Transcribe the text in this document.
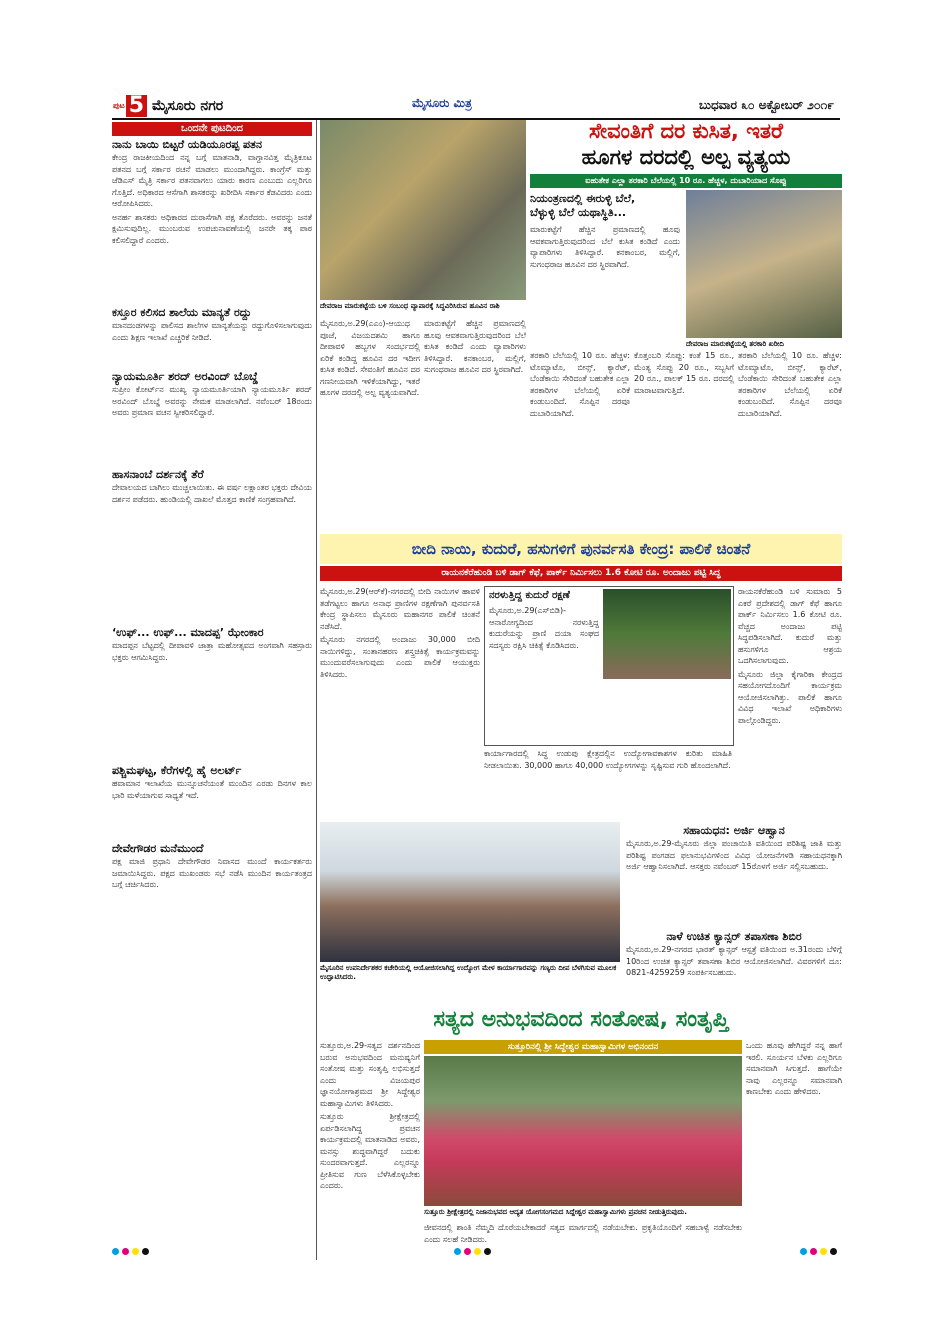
ಪುಟ 5 ಮೈಸೂರು ನಗರ	ಮೈಸೂರು ಮಿತ್ರ	ಬುಧವಾರ ೩೦ ಅಕ್ಟೋಬರ್ ೨೦೧೯
ಒಂದನೇ ಪುಟದಿಂದ
ನಾನು ಬಾಯಿ ಬಿಟ್ಟರೆ ಯಡಿಯೂರಪ್ಪ ಪತನ

ಕೇಂದ್ರ ರಾಜಕೀಯದಿಂದ ನನ್ನ ಬಗ್ಗೆ ಮಾತನಾಡಿ, ವಾಗ್ದಾನವಿತ್ತ ಮೈತ್ರಿಕೂಟ ಪತನದ ಬಗ್ಗೆ ಸರ್ಕಾರ ರಚನೆ ಮಾಡಲು ಮುಂದಾಗಿದ್ದರು. ಕಾಂಗ್ರೆಸ್ ಮತ್ತು ಜೆಡಿಎಸ್ ಮೈತ್ರಿ ಸರ್ಕಾರ ಪತನವಾಗಲು ಯಾರು ಕಾರಣ ಎಂಬುದು ಎಲ್ಲರಿಗೂ ಗೊತ್ತಿದೆ. ಅಧಿಕಾರದ ಆಸೆಗಾಗಿ ಶಾಸಕರನ್ನು ಖರೀದಿಸಿ ಸರ್ಕಾರ ಕೆಡವಿದರು ಎಂದು ಆರೋಪಿಸಿದರು.

ಅನರ್ಹ ಶಾಸಕರು ಅಧಿಕಾರದ ದುರಾಸೆಗಾಗಿ ಪಕ್ಷ ತೊರೆದರು. ಅವರನ್ನು ಜನತೆ ಕ್ಷಮಿಸುವುದಿಲ್ಲ. ಮುಂಬರುವ ಉಪಚುನಾವಣೆಯಲ್ಲಿ ಜನರೇ ತಕ್ಕ ಪಾಠ ಕಲಿಸಲಿದ್ದಾರೆ ಎಂದರು.

ಕಸ್ತೂರ ಕಲಿಸದ ಶಾಲೆಯ ಮಾನ್ಯತೆ ರದ್ದು

ಮಾನದಂಡಗಳನ್ನು ಪಾಲಿಸದ ಶಾಲೆಗಳ ಮಾನ್ಯತೆಯನ್ನು ರದ್ದುಗೊಳಿಸಲಾಗುವುದು ಎಂದು ಶಿಕ್ಷಣ ಇಲಾಖೆ ಎಚ್ಚರಿಕೆ ನೀಡಿದೆ.

ನ್ಯಾಯಮೂರ್ತಿ ಶರದ್ ಅರವಿಂದ್ ಬೊಬ್ಡೆ

ಸುಪ್ರೀಂ ಕೋರ್ಟ್‌ನ ಮುಖ್ಯ ನ್ಯಾಯಮೂರ್ತಿಯಾಗಿ ನ್ಯಾಯಮೂರ್ತಿ ಶರದ್ ಅರವಿಂದ್ ಬೊಬ್ಡೆ ಅವರನ್ನು ನೇಮಕ ಮಾಡಲಾಗಿದೆ. ನವೆಂಬರ್ 18ರಂದು ಅವರು ಪ್ರಮಾಣ ವಚನ ಸ್ವೀಕರಿಸಲಿದ್ದಾರೆ.

ಹಾಸನಾಂಬೆ ದರ್ಶನಕ್ಕೆ ತೆರೆ

ದೇವಾಲಯದ ಬಾಗಿಲು ಮುಚ್ಚಲಾಯಿತು. ಈ ವರ್ಷ ಲಕ್ಷಾಂತರ ಭಕ್ತರು ದೇವಿಯ ದರ್ಶನ ಪಡೆದರು. ಹುಂಡಿಯಲ್ಲಿ ದಾಖಲೆ ಮೊತ್ತದ ಕಾಣಿಕೆ ಸಂಗ್ರಹವಾಗಿದೆ.

‘ಉಫ್... ಉಫ್... ಮಾದಪ್ಪ’ ಝೇಂಕಾರ

ಮಾದಪ್ಪನ ಬೆಟ್ಟದಲ್ಲಿ ದೀಪಾವಳಿ ಜಾತ್ರಾ ಮಹೋತ್ಸವದ ಅಂಗವಾಗಿ ಸಹಸ್ರಾರು ಭಕ್ತರು ಆಗಮಿಸಿದ್ದರು.

ಪಶ್ಚಿಮಘಟ್ಟ, ಕೆರೆಗಳಲ್ಲಿ ಹೈ ಅಲರ್ಟ್

ಹವಾಮಾನ ಇಲಾಖೆಯ ಮುನ್ಸೂಚನೆಯಂತೆ ಮುಂದಿನ ಎರಡು ದಿನಗಳ ಕಾಲ ಭಾರಿ ಮಳೆಯಾಗುವ ಸಾಧ್ಯತೆ ಇದೆ.

ದೇವೇಗೌಡರ ಮನೆಮುಂದೆ

ಪಕ್ಷ ಮಾಜಿ ಪ್ರಧಾನಿ ದೇವೇಗೌಡರ ನಿವಾಸದ ಮುಂದೆ ಕಾರ್ಯಕರ್ತರು ಜಮಾಯಿಸಿದ್ದರು. ಪಕ್ಷದ ಮುಖಂಡರು ಸಭೆ ನಡೆಸಿ ಮುಂದಿನ ಕಾರ್ಯತಂತ್ರದ ಬಗ್ಗೆ ಚರ್ಚಿಸಿದರು.

ದೇವರಾಜ ಮಾರುಕಟ್ಟೆಯ ಬಳಿ ಸಂಬಂಧ ವ್ಯಾಪಾರಕ್ಕೆ ಸಿದ್ಧವಿರಿಸಿರುವ ಹೂವಿನ ರಾಶಿ
ಸೇವಂತಿಗೆ ದರ ಕುಸಿತ, ಇತರೆ
ಹೂಗಳ ದರದಲ್ಲಿ ಅಲ್ಪ ವ್ಯತ್ಯಯ
ಐಹುತೇಕ ಎಲ್ಲಾ ತರಕಾರಿ ಬೆಲೆಯಲ್ಲಿ 10 ರೂ. ಹೆಚ್ಚಳ, ದುಬಾರಿಯಾದ ಸೊಪ್ಪು
ನಿಯಂತ್ರಣದಲ್ಲಿ ಈರುಳ್ಳಿ ಬೆಲೆ,
ಬೆಳ್ಳುಳ್ಳಿ ಬೆಲೆ ಯಥಾಸ್ಥಿತಿ...
ದೇವರಾಜ ಮಾರುಕಟ್ಟೆಯಲ್ಲಿ ತರಕಾರಿ ಖರೀದಿ

ಮಾರುಕಟ್ಟೆಗೆ ಹೆಚ್ಚಿನ ಪ್ರಮಾಣದಲ್ಲಿ ಹೂವು ಆವಕವಾಗುತ್ತಿರುವುದರಿಂದ ಬೆಲೆ ಕುಸಿತ ಕಂಡಿದೆ ಎಂದು ವ್ಯಾಪಾರಿಗಳು ತಿಳಿಸಿದ್ದಾರೆ. ಕನಕಾಂಬರ, ಮಲ್ಲಿಗೆ, ಸುಗಂಧರಾಜ ಹೂವಿನ ದರ ಸ್ಥಿರವಾಗಿದೆ.

ಮೈಸೂರು,ಅ.29(ಎಎಂ)-ಆಯುಧ ಪೂಜೆ, ವಿಜಯದಶಮಿ ಹಾಗೂ ದೀಪಾವಳಿ ಹಬ್ಬಗಳ ಸಂದರ್ಭದಲ್ಲಿ ಏರಿಕೆ ಕಂಡಿದ್ದ ಹೂವಿನ ದರ ಇದೀಗ ಕುಸಿತ ಕಂಡಿದೆ. ಸೇವಂತಿಗೆ ಹೂವಿನ ದರ ಗಣನೀಯವಾಗಿ ಇಳಿಕೆಯಾಗಿದ್ದು, ಇತರೆ ಹೂಗಳ ದರದಲ್ಲಿ ಅಲ್ಪ ವ್ಯತ್ಯಯವಾಗಿದೆ.

ಮಾರುಕಟ್ಟೆಗೆ ಹೆಚ್ಚಿನ ಪ್ರಮಾಣದಲ್ಲಿ ಹೂವು ಆವಕವಾಗುತ್ತಿರುವುದರಿಂದ ಬೆಲೆ ಕುಸಿತ ಕಂಡಿದೆ ಎಂದು ವ್ಯಾಪಾರಿಗಳು ತಿಳಿಸಿದ್ದಾರೆ. ಕನಕಾಂಬರ, ಮಲ್ಲಿಗೆ, ಸುಗಂಧರಾಜ ಹೂವಿನ ದರ ಸ್ಥಿರವಾಗಿದೆ.

ತರಕಾರಿ ಬೆಲೆಯಲ್ಲಿ 10 ರೂ. ಹೆಚ್ಚಳ: ಟೊಮ್ಯಾಟೊ, ಬೀನ್ಸ್, ಕ್ಯಾರೆಟ್, ಬೆಂಡೆಕಾಯಿ ಸೇರಿದಂತೆ ಬಹುತೇಕ ಎಲ್ಲಾ ತರಕಾರಿಗಳ ಬೆಲೆಯಲ್ಲಿ ಏರಿಕೆ ಕಂಡುಬಂದಿದೆ. ಸೊಪ್ಪಿನ ದರವೂ ದುಬಾರಿಯಾಗಿದೆ.

ಕೊತ್ತಂಬರಿ ಸೊಪ್ಪು: ಕಂತೆ 15 ರೂ., ಮೆಂತ್ಯ ಸೊಪ್ಪು 20 ರೂ., ಸಬ್ಬಸಿಗೆ 20 ರೂ., ಪಾಲಕ್ 15 ರೂ. ದರದಲ್ಲಿ ಮಾರಾಟವಾಗುತ್ತಿದೆ.

ತರಕಾರಿ ಬೆಲೆಯಲ್ಲಿ 10 ರೂ. ಹೆಚ್ಚಳ: ಟೊಮ್ಯಾಟೊ, ಬೀನ್ಸ್, ಕ್ಯಾರೆಟ್, ಬೆಂಡೆಕಾಯಿ ಸೇರಿದಂತೆ ಬಹುತೇಕ ಎಲ್ಲಾ ತರಕಾರಿಗಳ ಬೆಲೆಯಲ್ಲಿ ಏರಿಕೆ ಕಂಡುಬಂದಿದೆ. ಸೊಪ್ಪಿನ ದರವೂ ದುಬಾರಿಯಾಗಿದೆ.

ಬೀದಿ ನಾಯಿ, ಕುದುರೆ, ಹಸುಗಳಿಗೆ ಪುನರ್ವಸತಿ ಕೇಂದ್ರ: ಪಾಲಿಕೆ ಚಿಂತನೆ
ರಾಯನಕೆರೆಹುಂಡಿ ಬಳಿ ಡಾಗ್ ಕೆಫೆ, ಪಾರ್ಕ್ ನಿರ್ಮಿಸಲು 1.6 ಕೋಟಿ ರೂ. ಅಂದಾಜು ಪಟ್ಟಿ ಸಿದ್ಧ

ಮೈಸೂರು,ಅ.29(ಆರ್‌ಕೆ)-ನಗರದಲ್ಲಿ ಬೀದಿ ನಾಯಿಗಳ ಹಾವಳಿ ತಡೆಗಟ್ಟಲು ಹಾಗೂ ಅನಾಥ ಪ್ರಾಣಿಗಳ ರಕ್ಷಣೆಗಾಗಿ ಪುನರ್ವಸತಿ ಕೇಂದ್ರ ಸ್ಥಾಪಿಸಲು ಮೈಸೂರು ಮಹಾನಗರ ಪಾಲಿಕೆ ಚಿಂತನೆ ನಡೆಸಿದೆ.

ಮೈಸೂರು ನಗರದಲ್ಲಿ ಅಂದಾಜು 30,000 ಬೀದಿ ನಾಯಿಗಳಿದ್ದು, ಸಂತಾನಹರಣ ಶಸ್ತ್ರಚಿಕಿತ್ಸೆ ಕಾರ್ಯಕ್ರಮವನ್ನು ಮುಂದುವರೆಸಲಾಗುವುದು ಎಂದು ಪಾಲಿಕೆ ಆಯುಕ್ತರು ತಿಳಿಸಿದರು.

ನರಳುತ್ತಿದ್ದ ಕುದುರೆ ರಕ್ಷಣೆ

ಮೈಸೂರು,ಅ.29(ಎಸ್‌ಬಿಡಿ)-ಆನಾರೋಗ್ಯದಿಂದ ನರಳುತ್ತಿದ್ದ ಕುದುರೆಯನ್ನು ಪ್ರಾಣಿ ದಯಾ ಸಂಘದ ಸದಸ್ಯರು ರಕ್ಷಿಸಿ ಚಿಕಿತ್ಸೆ ಕೊಡಿಸಿದರು.

ಕಾರ್ಯಾಗಾರದಲ್ಲಿ ಸಿದ್ಧ ಉಡುಪು ಕ್ಷೇತ್ರದಲ್ಲಿನ ಉದ್ಯೋಗಾವಕಾಶಗಳ ಕುರಿತು ಮಾಹಿತಿ ನೀಡಲಾಯಿತು. 30,000 ಹಾಗೂ 40,000 ಉದ್ಯೋಗಗಳನ್ನು ಸೃಷ್ಟಿಸುವ ಗುರಿ ಹೊಂದಲಾಗಿದೆ.

ರಾಯನಕೆರೆಹುಂಡಿ ಬಳಿ ಸುಮಾರು 5 ಎಕರೆ ಪ್ರದೇಶದಲ್ಲಿ ಡಾಗ್ ಕೆಫೆ ಹಾಗೂ ಪಾರ್ಕ್ ನಿರ್ಮಿಸಲು 1.6 ಕೋಟಿ ರೂ. ವೆಚ್ಚದ ಅಂದಾಜು ಪಟ್ಟಿ ಸಿದ್ಧಪಡಿಸಲಾಗಿದೆ. ಕುದುರೆ ಮತ್ತು ಹಸುಗಳಿಗೂ ಆಶ್ರಯ ಒದಗಿಸಲಾಗುವುದು.

ಮೈಸೂರು ಜಿಲ್ಲಾ ಕೈಗಾರಿಕಾ ಕೇಂದ್ರದ ಸಹಯೋಗದೊಂದಿಗೆ ಕಾರ್ಯಕ್ರಮ ಆಯೋಜಿಸಲಾಗಿತ್ತು. ಪಾಲಿಕೆ ಹಾಗೂ ವಿವಿಧ ಇಲಾಖೆ ಅಧಿಕಾರಿಗಳು ಪಾಲ್ಗೊಂಡಿದ್ದರು.

ಮೈಸೂರಿನ ಉಪನಿರ್ದೇಶಕರ ಕಚೇರಿಯಲ್ಲಿ ಆಯೋಜಿಸಲಾಗಿದ್ದ ಉದ್ಯೋಗ ಮೇಳ ಕಾರ್ಯಾಗಾರವನ್ನು ಗಣ್ಯರು ದೀಪ ಬೆಳಗಿಸುವ ಮೂಲಕ ಉದ್ಘಾಟಿಸಿದರು.
ಸಹಾಯಧನ: ಅರ್ಜಿ ಆಹ್ವಾನ

ಮೈಸೂರು,ಅ.29-ಮೈಸೂರು ಜಿಲ್ಲಾ ಪಂಚಾಯಿತಿ ವತಿಯಿಂದ ಪರಿಶಿಷ್ಟ ಜಾತಿ ಮತ್ತು ಪರಿಶಿಷ್ಟ ಪಂಗಡದ ಫಲಾನುಭವಿಗಳಿಂದ ವಿವಿಧ ಯೋಜನೆಗಳಡಿ ಸಹಾಯಧನಕ್ಕಾಗಿ ಅರ್ಜಿ ಆಹ್ವಾನಿಸಲಾಗಿದೆ. ಆಸಕ್ತರು ನವೆಂಬರ್ 15ರೊಳಗೆ ಅರ್ಜಿ ಸಲ್ಲಿಸಬಹುದು.

ನಾಳೆ ಉಚಿತ ಕ್ಯಾನ್ಸರ್ ತಪಾಸಣಾ ಶಿಬಿರ

ಮೈಸೂರು,ಅ.29-ನಗರದ ಭಾರತ್ ಕ್ಯಾನ್ಸರ್ ಆಸ್ಪತ್ರೆ ವತಿಯಿಂದ ಅ.31ರಂದು ಬೆಳಿಗ್ಗೆ 10ರಿಂದ ಉಚಿತ ಕ್ಯಾನ್ಸರ್ ತಪಾಸಣಾ ಶಿಬಿರ ಆಯೋಜಿಸಲಾಗಿದೆ. ವಿವರಗಳಿಗೆ ದೂ: 0821-4259259 ಸಂಪರ್ಕಿಸಬಹುದು.

ಸತ್ಯದ ಅನುಭವದಿಂದ ಸಂತೋಷ, ಸಂತೃಪ್ತಿ
ಸುತ್ತೂರಿನಲ್ಲಿ ಶ್ರೀ ಸಿದ್ದೇಶ್ವರ ಮಹಾಸ್ವಾಮಿಗಳ ಅಭಿನಂದನ
ಸುತ್ತೂರು ಶ್ರೀಕ್ಷೇತ್ರದಲ್ಲಿ ನಿಜಾನುಭವದ ಆದ್ಯತ ಯೋಗಸಂಗಮದ ಸಿದ್ದೇಶ್ವರ ಮಹಾಸ್ವಾಮಿಗಳು ಪ್ರವಚನ ನೀಡುತ್ತಿರುವುದು.

ಸುತ್ತೂರು,ಅ.29-ಸತ್ಯದ ದರ್ಶನದಿಂದ ಬರುವ ಅನುಭವದಿಂದ ಮನುಷ್ಯನಿಗೆ ಸಂತೋಷ ಮತ್ತು ಸಂತೃಪ್ತಿ ಲಭಿಸುತ್ತದೆ ಎಂದು ವಿಜಯಪುರ ಜ್ಞಾನಯೋಗಾಶ್ರಮದ ಶ್ರೀ ಸಿದ್ದೇಶ್ವರ ಮಹಾಸ್ವಾಮಿಗಳು ತಿಳಿಸಿದರು.

ಸುತ್ತೂರು ಶ್ರೀಕ್ಷೇತ್ರದಲ್ಲಿ ಏರ್ಪಡಿಸಲಾಗಿದ್ದ ಪ್ರವಚನ ಕಾರ್ಯಕ್ರಮದಲ್ಲಿ ಮಾತನಾಡಿದ ಅವರು, ಮನಸ್ಸು ಶುದ್ಧವಾಗಿದ್ದರೆ ಬದುಕು ಸುಂದರವಾಗುತ್ತದೆ. ಎಲ್ಲರನ್ನೂ ಪ್ರೀತಿಸುವ ಗುಣ ಬೆಳೆಸಿಕೊಳ್ಳಬೇಕು ಎಂದರು.

ಒಂದು ಹೂವು ಹೇಗಿದ್ದರೆ ನನ್ನ ಹಾಗೆ ಇರಲಿ. ಸೂರ್ಯನ ಬೆಳಕು ಎಲ್ಲರಿಗೂ ಸಮಾನವಾಗಿ ಸಿಗುತ್ತದೆ. ಹಾಗೆಯೇ ನಾವು ಎಲ್ಲರನ್ನೂ ಸಮಾನವಾಗಿ ಕಾಣಬೇಕು ಎಂದು ಹೇಳಿದರು.

ಜೀವನದಲ್ಲಿ ಶಾಂತಿ ನೆಮ್ಮದಿ ದೊರೆಯಬೇಕಾದರೆ ಸತ್ಯದ ಮಾರ್ಗದಲ್ಲಿ ನಡೆಯಬೇಕು. ಪ್ರಕೃತಿಯೊಂದಿಗೆ ಸಹಬಾಳ್ವೆ ನಡೆಸಬೇಕು ಎಂದು ಸಲಹೆ ನೀಡಿದರು.
